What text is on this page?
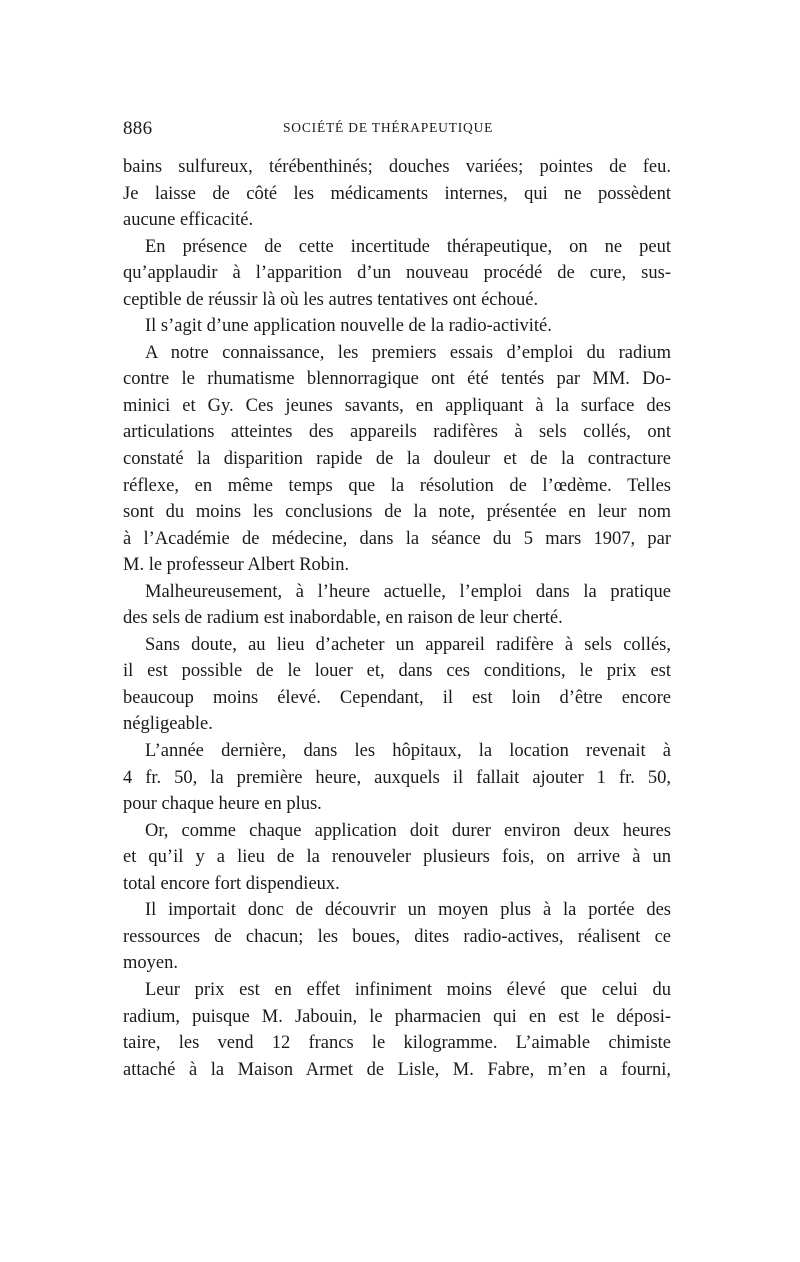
886	SOCIÉTÉ DE THÉRAPEUTIQUE
bains sulfureux, térébenthinés; douches variées; pointes de feu.
Je laisse de côté les médicaments internes, qui ne possèdent
aucune efficacité.
En présence de cette incertitude thérapeutique, on ne peut
qu’applaudir à l’apparition d’un nouveau procédé de cure, sus-
ceptible de réussir là où les autres tentatives ont échoué.
Il s’agit d’une application nouvelle de la radio-activité.
A notre connaissance, les premiers essais d’emploi du radium
contre le rhumatisme blennorragique ont été tentés par MM. Do-
minici et Gy. Ces jeunes savants, en appliquant à la surface des
articulations atteintes des appareils radifères à sels collés, ont
constaté la disparition rapide de la douleur et de la contracture
réflexe, en même temps que la résolution de l’œdème. Telles
sont du moins les conclusions de la note, présentée en leur nom
à l’Académie de médecine, dans la séance du 5 mars 1907, par
M. le professeur Albert Robin.
Malheureusement, à l’heure actuelle, l’emploi dans la pratique
des sels de radium est inabordable, en raison de leur cherté.
Sans doute, au lieu d’acheter un appareil radifère à sels collés,
il est possible de le louer et, dans ces conditions, le prix est
beaucoup moins élevé. Cependant, il est loin d’être encore
négligeable.
L’année dernière, dans les hôpitaux, la location revenait à
4 fr. 50, la première heure, auxquels il fallait ajouter 1 fr. 50,
pour chaque heure en plus.
Or, comme chaque application doit durer environ deux heures
et qu’il y a lieu de la renouveler plusieurs fois, on arrive à un
total encore fort dispendieux.
Il importait donc de découvrir un moyen plus à la portée des
ressources de chacun; les boues, dites radio-actives, réalisent ce
moyen.
Leur prix est en effet infiniment moins élevé que celui du
radium, puisque M. Jabouin, le pharmacien qui en est le déposi-
taire, les vend 12 francs le kilogramme. L’aimable chimiste
attaché à la Maison Armet de Lisle, M. Fabre, m’en a fourni,
